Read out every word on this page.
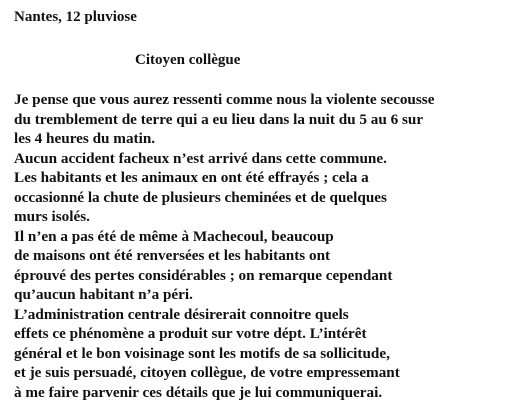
Nantes, 12 pluviose
Citoyen collègue
Je pense que vous aurez ressenti comme nous la violente secousse
du tremblement de terre qui a eu lieu dans la nuit du 5 au 6 sur
les 4 heures du matin.
Aucun accident facheux n’est arrivé dans cette commune.
Les habitants et les animaux en ont été effrayés ; cela a
occasionné la chute de plusieurs cheminées et de quelques
murs isolés.
Il n’en a pas été de même à Machecoul, beaucoup
de maisons ont été renversées et les habitants ont
éprouvé des pertes considérables ; on remarque cependant
qu’aucun habitant n’a péri.
L’administration centrale désirerait connoitre quels
effets ce phénomène a produit sur votre dépt. L’intérêt
général et le bon voisinage sont les motifs de sa sollicitude,
et je suis persuadé, citoyen collègue, de votre empressemant
à me faire parvenir ces détails que je lui communiquerai.
